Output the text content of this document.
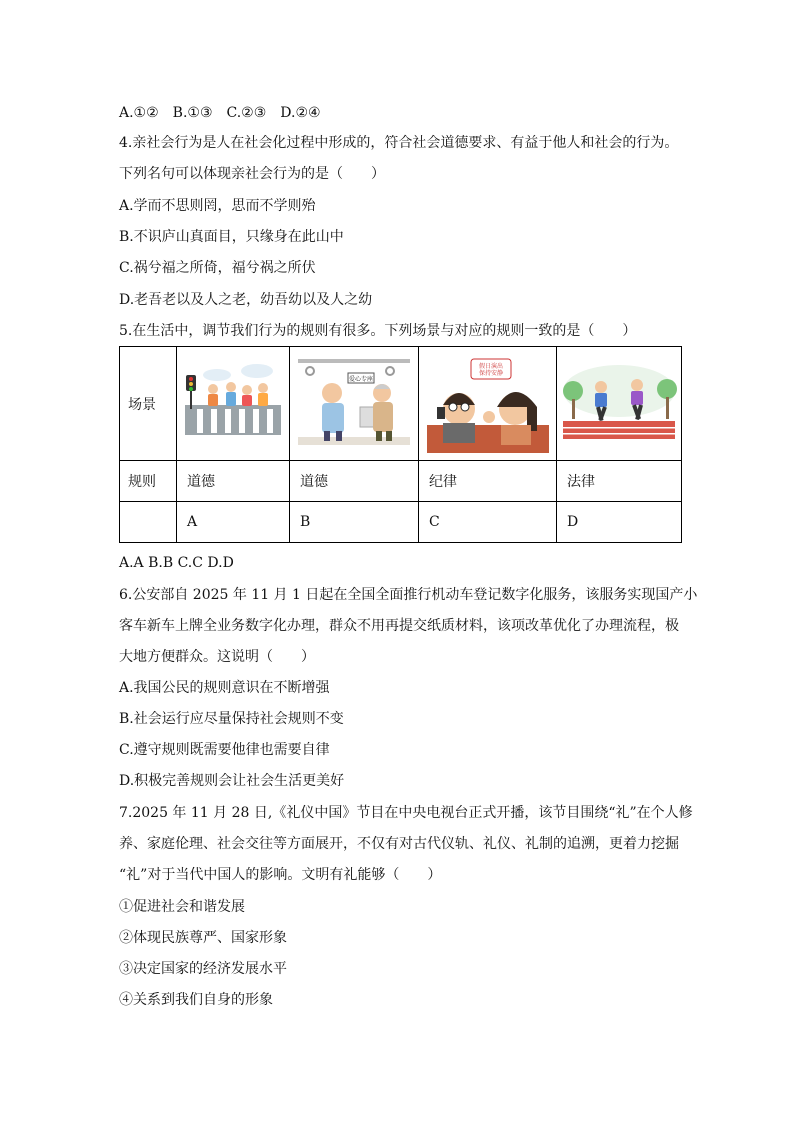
A.①②　B.①③　C.②③　D.②④
4.亲社会行为是人在社会化过程中形成的，符合社会道德要求、有益于他人和社会的行为。
下列名句可以体现亲社会行为的是（　　）
A.学而不思则罔，思而不学则殆
B.不识庐山真面目，只缘身在此山中
C.祸兮福之所倚，福兮祸之所伏
D.老吾老以及人之老，幼吾幼以及人之幼
5.在生活中，调节我们行为的规则有很多。下列场景与对应的规则一致的是（　　）
场景		爱心专座	假日演出保持安静

规则	道德	道德	纪律	法律
	A	B	C	D
A.A B.B C.C D.D
6.公安部自 2025 年 11 月 1 日起在全国全面推行机动车登记数字化服务，该服务实现国产小
客车新车上牌全业务数字化办理，群众不用再提交纸质材料，该项改革优化了办理流程，极
大地方便群众。这说明（　　）
A.我国公民的规则意识在不断增强
B.社会运行应尽量保持社会规则不变
C.遵守规则既需要他律也需要自律
D.积极完善规则会让社会生活更美好
7.2025 年 11 月 28 日,《礼仪中国》节目在中央电视台正式开播，该节目围绕“礼”在个人修
养、家庭伦理、社会交往等方面展开，不仅有对古代仪轨、礼仪、礼制的追溯，更着力挖掘
“礼”对于当代中国人的影响。文明有礼能够（　　）
①促进社会和谐发展
②体现民族尊严、国家形象
③决定国家的经济发展水平
④关系到我们自身的形象
